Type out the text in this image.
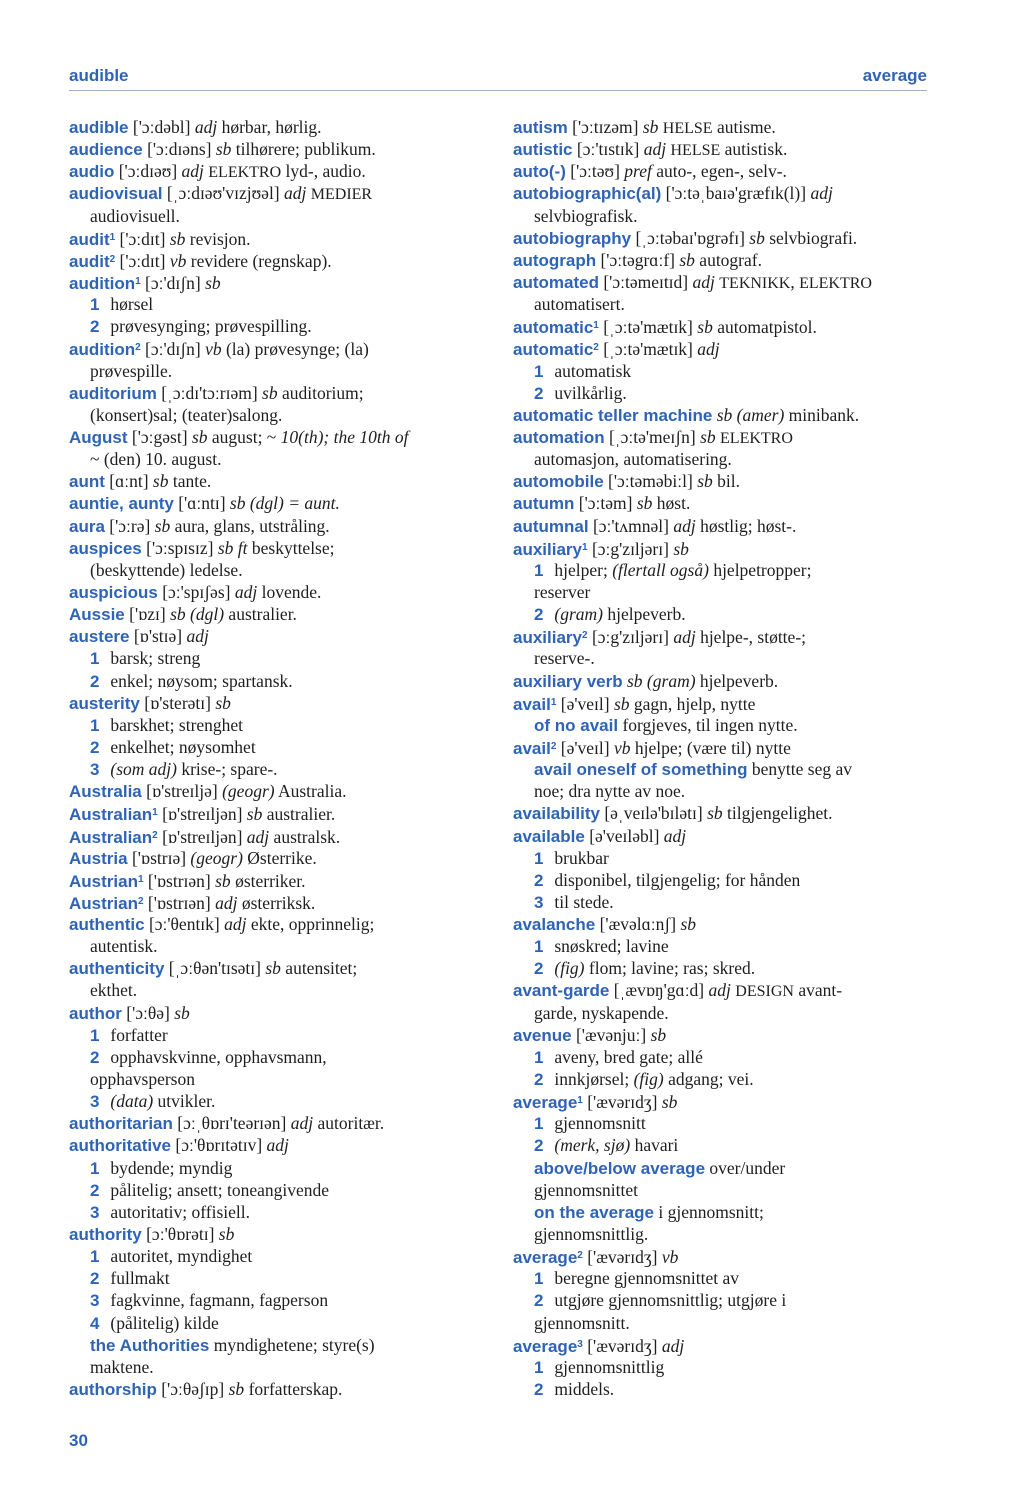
audible	average
audible ['ɔːdəbl] adj hørbar, hørlig.
audience ['ɔːdɪəns] sb tilhørere; publikum.
audio ['ɔːdɪəʊ] adj ELEKTRO lyd-, audio.
audiovisual [ˌɔːdɪəʊ'vɪzjʊəl] adj MEDIER
audiovisuell.
audit$^1$ ['ɔːdɪt] sb revisjon.
audit$^2$ ['ɔːdɪt] vb revidere (regnskap).
audition$^1$ [ɔː'dɪʃn] sb
1 hørsel
2 prøvesynging; prøvespilling.
audition$^2$ [ɔː'dɪʃn] vb (la) prøvesynge; (la)
prøvespille.
auditorium [ˌɔːdɪ'tɔːrɪəm] sb auditorium;
(konsert)sal; (teater)salong.
August ['ɔːgəst] sb august; ~ 10(th); the 10th of
~ (den) 10. august.
aunt [ɑːnt] sb tante.
auntie, aunty ['ɑːntɪ] sb (dgl) = aunt.
aura ['ɔːrə] sb aura, glans, utstråling.
auspices ['ɔːspɪsɪz] sb ft beskyttelse;
(beskyttende) ledelse.
auspicious [ɔː'spɪʃəs] adj lovende.
Aussie ['ɒzɪ] sb (dgl) australier.
austere [ɒ'stɪə] adj
1 barsk; streng
2 enkel; nøysom; spartansk.
austerity [ɒ'sterətɪ] sb
1 barskhet; strenghet
2 enkelhet; nøysomhet
3 (som adj) krise-; spare-.
Australia [ɒ'streɪljə] (geogr) Australia.
Australian$^1$ [ɒ'streɪljən] sb australier.
Australian$^2$ [ɒ'streɪljən] adj australsk.
Austria ['ɒstrɪə] (geogr) Østerrike.
Austrian$^1$ ['ɒstrɪən] sb østerriker.
Austrian$^2$ ['ɒstrɪən] adj østerriksk.
authentic [ɔː'θentɪk] adj ekte, opprinnelig;
autentisk.
authenticity [ˌɔːθən'tɪsətɪ] sb autensitet;
ekthet.
author ['ɔːθə] sb
1 forfatter
2 opphavskvinne, opphavsmann,
opphavsperson
3 (data) utvikler.
authoritarian [ɔːˌθɒrɪ'teərɪən] adj autoritær.
authoritative [ɔː'θɒrɪtətɪv] adj
1 bydende; myndig
2 pålitelig; ansett; toneangivende
3 autoritativ; offisiell.
authority [ɔː'θɒrətɪ] sb
1 autoritet, myndighet
2 fullmakt
3 fagkvinne, fagmann, fagperson
4 (pålitelig) kilde
the Authorities myndighetene; styre(s)
maktene.
authorship ['ɔːθəʃɪp] sb forfatterskap.
autism ['ɔːtɪzəm] sb HELSE autisme.
autistic [ɔː'tɪstɪk] adj HELSE autistisk.
auto(-) ['ɔːtəʊ] pref auto-, egen-, selv-.
autobiographic(al) ['ɔːtəˌbaɪə'græfɪk(l)] adj
selvbiografisk.
autobiography [ˌɔːtəbaɪ'ɒgrəfɪ] sb selvbiografi.
autograph ['ɔːtəgrɑːf] sb autograf.
automated ['ɔːtəmeɪtɪd] adj TEKNIKK, ELEKTRO
automatisert.
automatic$^1$ [ˌɔːtə'mætɪk] sb automatpistol.
automatic$^2$ [ˌɔːtə'mætɪk] adj
1 automatisk
2 uvilkårlig.
automatic teller machine sb (amer) minibank.
automation [ˌɔːtə'meɪʃn] sb ELEKTRO
automasjon, automatisering.
automobile ['ɔːtəməbiːl] sb bil.
autumn ['ɔːtəm] sb høst.
autumnal [ɔː'tʌmnəl] adj høstlig; høst-.
auxiliary$^1$ [ɔːg'zɪljərɪ] sb
1 hjelper; (flertall også) hjelpetropper;
reserver
2 (gram) hjelpeverb.
auxiliary$^2$ [ɔːg'zɪljərɪ] adj hjelpe-, støtte-;
reserve-.
auxiliary verb sb (gram) hjelpeverb.
avail$^1$ [ə'veɪl] sb gagn, hjelp, nytte
of no avail forgjeves, til ingen nytte.
avail$^2$ [ə'veɪl] vb hjelpe; (være til) nytte
avail oneself of something benytte seg av
noe; dra nytte av noe.
availability [əˌveɪlə'bɪlətɪ] sb tilgjengelighet.
available [ə'veɪləbl] adj
1 brukbar
2 disponibel, tilgjengelig; for hånden
3 til stede.
avalanche ['ævəlɑːnʃ] sb
1 snøskred; lavine
2 (fig) flom; lavine; ras; skred.
avant-garde [ˌævɒŋ'gɑːd] adj DESIGN avant-
garde, nyskapende.
avenue ['ævənjuː] sb
1 aveny, bred gate; allé
2 innkjørsel; (fig) adgang; vei.
average$^1$ ['ævərɪdʒ] sb
1 gjennomsnitt
2 (merk, sjø) havari
above/below average over/under
gjennomsnittet
on the average i gjennomsnitt;
gjennomsnittlig.
average$^2$ ['ævərɪdʒ] vb
1 beregne gjennomsnittet av
2 utgjøre gjennomsnittlig; utgjøre i
gjennomsnitt.
average$^3$ ['ævərɪdʒ] adj
1 gjennomsnittlig
2 middels.
30
